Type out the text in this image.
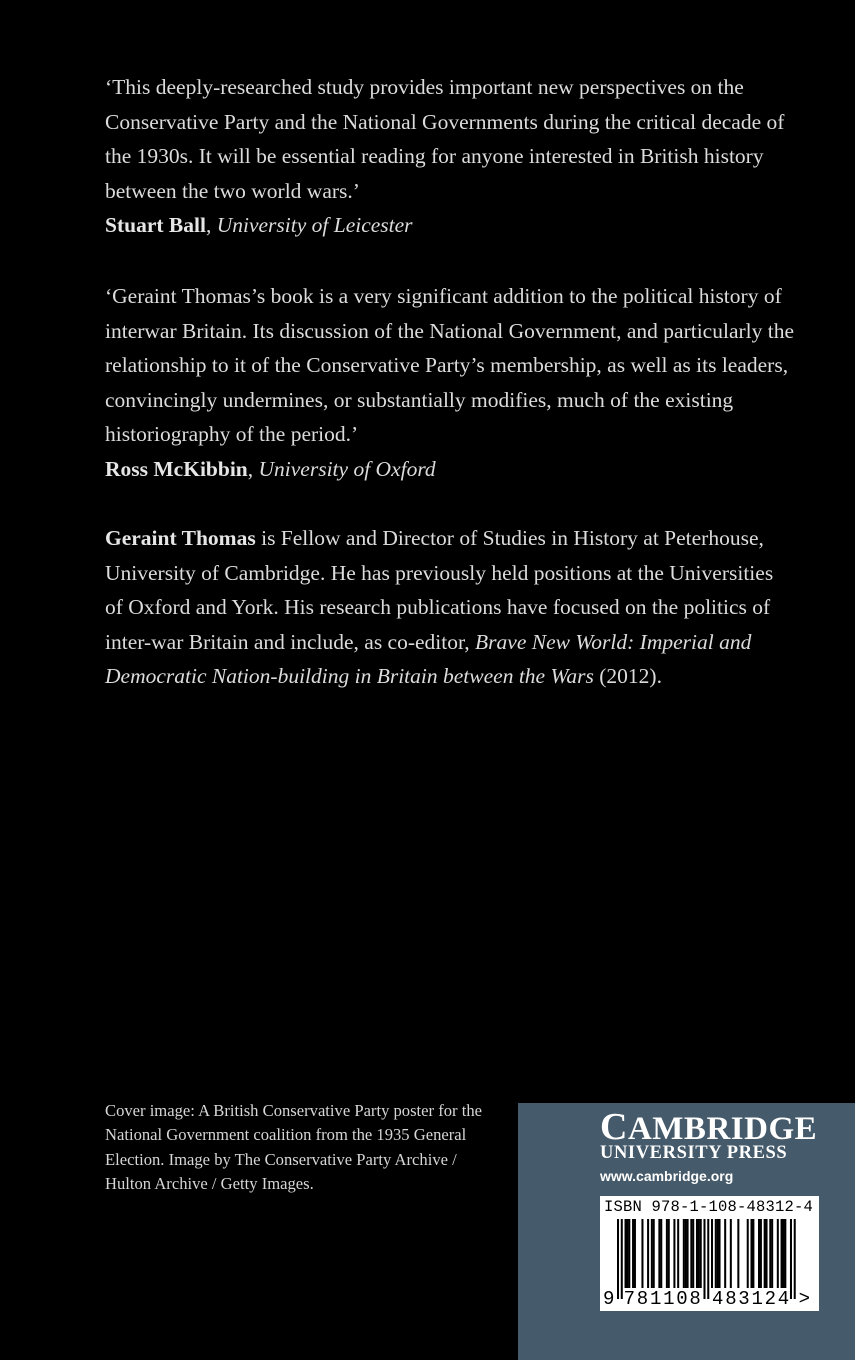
‘This deeply-researched study provides important new perspectives on the Conservative Party and the National Governments during the critical decade of the 1930s. It will be essential reading for anyone interested in British history between the two world wars.’

Stuart Ball, University of Leicester

‘Geraint Thomas’s book is a very significant addition to the political history of interwar Britain. Its discussion of the National Government, and particularly the relationship to it of the Conservative Party’s membership, as well as its leaders, convincingly undermines, or substantially modifies, much of the existing historiography of the period.’

Ross McKibbin, University of Oxford

Geraint Thomas is Fellow and Director of Studies in History at Peterhouse, University of Cambridge. He has previously held positions at the Universities of Oxford and York. His research publications have focused on the politics of inter-war Britain and include, as co-editor, Brave New World: Imperial and Democratic Nation-building in Britain between the Wars (2012).

Cover image: A British Conservative Party poster for the National Government coalition from the 1935 General Election. Image by The Conservative Party Archive / Hulton Archive / Getty Images.
CAMBRIDGE
UNIVERSITY PRESS
www.cambridge.org
ISBN 978-1-108-48312-4
9 7 8 1 1 0 8 4 8 3 1 2 4 >
